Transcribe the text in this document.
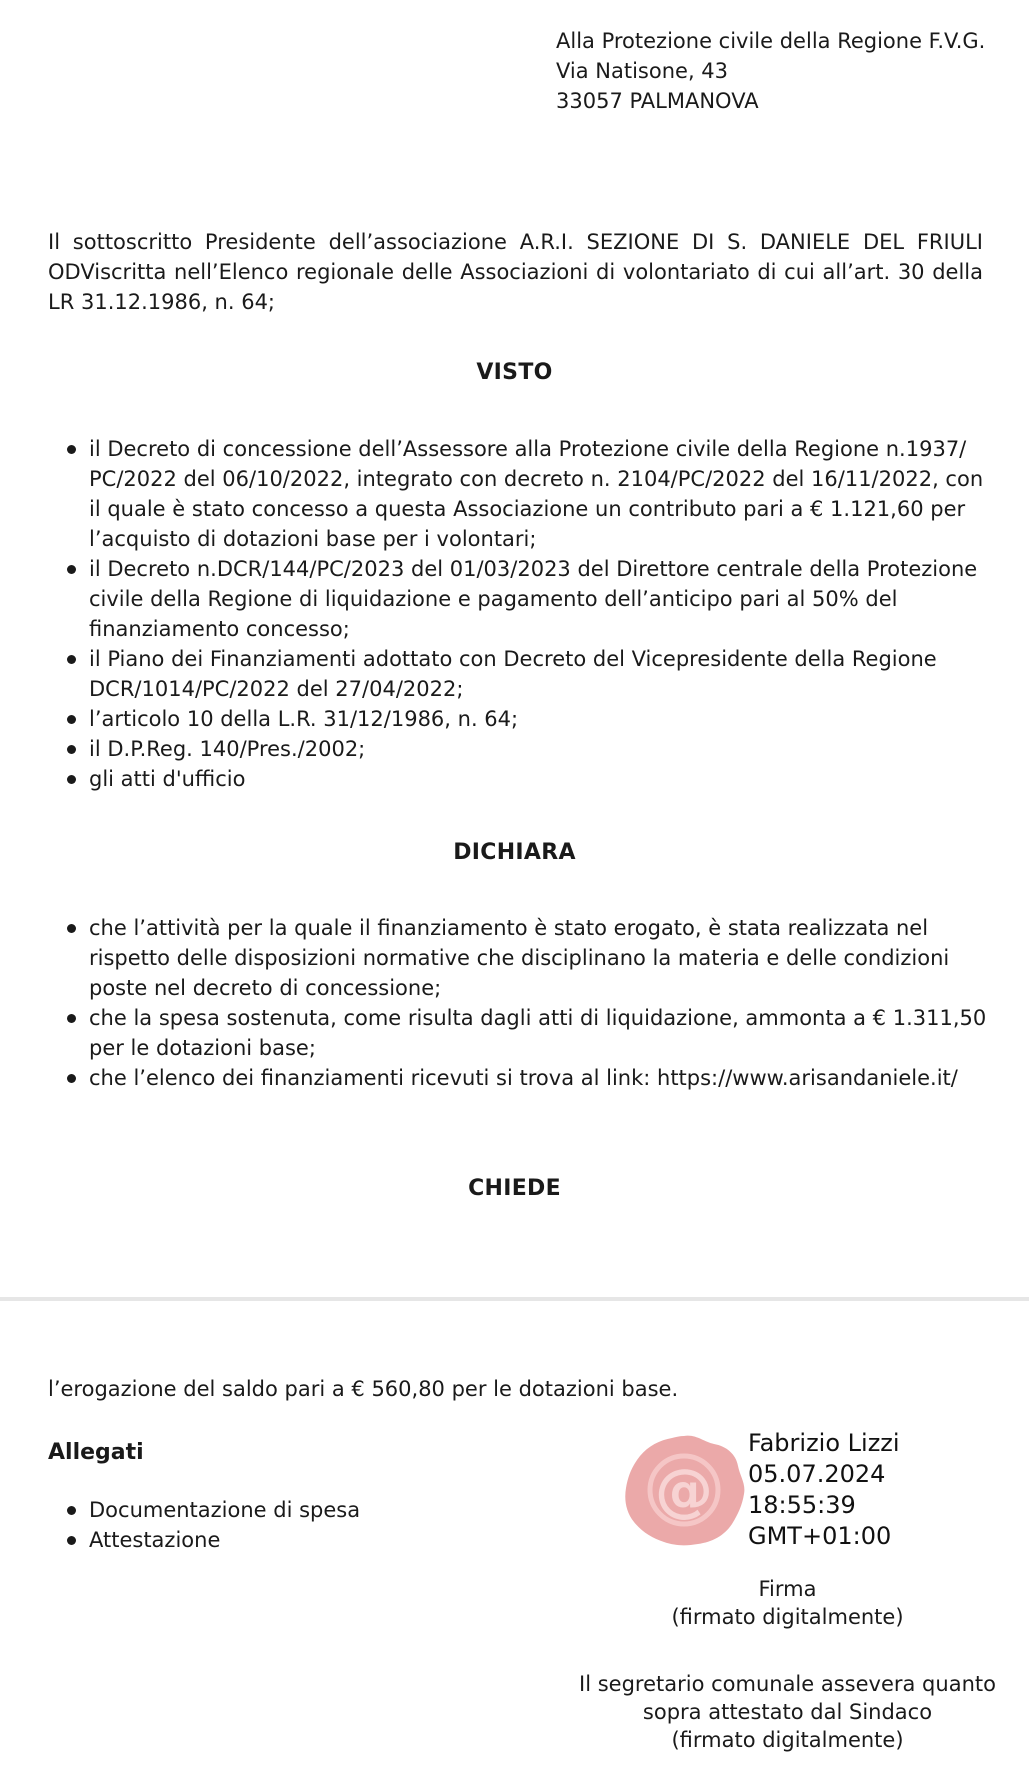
Alla Protezione civile della Regione F.V.G.
Via Natisone, 43
33057 PALMANOVA
Il sottoscritto Presidente dell’associazione A.R.I. SEZIONE DI S. DANIELE DEL FRIULI ODViscritta nell’Elenco regionale delle Associazioni di volontariato di cui all’art. 30 della LR 31.12.1986, n. 64;
VISTO
il Decreto di concessione dell’Assessore alla Protezione civile della Regione n.1937/ PC/2022 del 06/10/2022, integrato con decreto n. 2104/PC/2022 del 16/11/2022, con il quale è stato concesso a questa Associazione un contributo pari a € 1.121,60 per l’acquisto di dotazioni base per i volontari;
il Decreto n.DCR/144/PC/2023 del 01/03/2023 del Direttore centrale della Protezione civile della Regione di liquidazione e pagamento dell’anticipo pari al 50% del finanziamento concesso;
il Piano dei Finanziamenti adottato con Decreto del Vicepresidente della Regione DCR/1014/PC/2022 del 27/04/2022;
l’articolo 10 della L.R. 31/12/1986, n. 64;
il D.P.Reg. 140/Pres./2002;
gli atti d'ufficio
DICHIARA
che l’attività per la quale il finanziamento è stato erogato, è stata realizzata nel rispetto delle disposizioni normative che disciplinano la materia e delle condizioni poste nel decreto di concessione;
che la spesa sostenuta, come risulta dagli atti di liquidazione, ammonta a € 1.311,50 per le dotazioni base;
che l’elenco dei finanziamenti ricevuti si trova al link: https://www.arisandaniele.it/
CHIEDE
l’erogazione del saldo pari a € 560,80 per le dotazioni base.
Allegati
Documentazione di spesa
Attestazione
@
Fabrizio Lizzi
05.07.2024
18:55:39
GMT+01:00
Firma
(firmato digitalmente)
Il segretario comunale assevera quanto
sopra attestato dal Sindaco
(firmato digitalmente)
